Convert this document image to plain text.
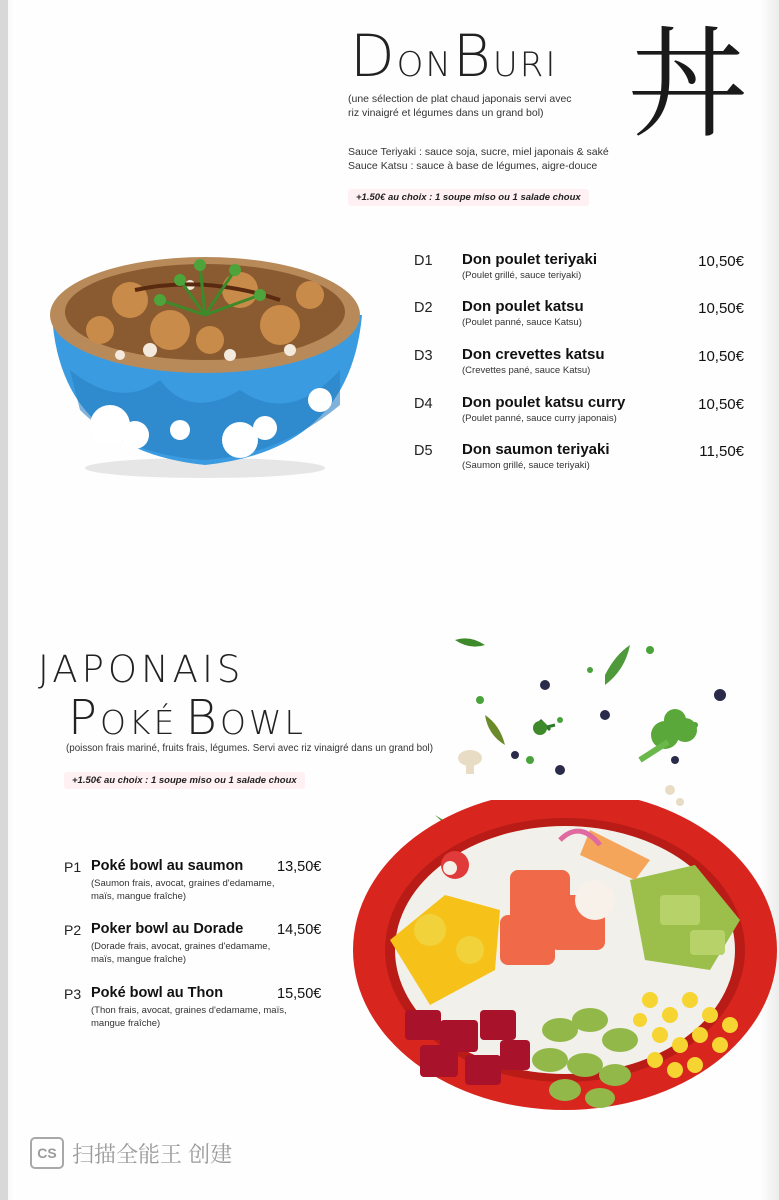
DONBURI 丼
(une sélection de plat chaud japonais servi avec
riz vinaigré et légumes dans un grand bol)
Sauce Teriyaki : sauce soja, sucre, miel japonais & saké
Sauce Katsu : sauce à base de légumes, aigre-douce
+1.50€ au choix : 1 soupe miso ou 1 salade choux
D1 Don poulet teriyaki
(Poulet grillé, sauce teriyaki)
10,50€
D2 Don poulet katsu
(Poulet panné, sauce Katsu)
10,50€
D3 Don crevettes katsu
(Crevettes pané, sauce Katsu)
10,50€
D4 Don poulet katsu curry
(Poulet panné, sauce curry japonais)
10,50€
D5 Don saumon teriyaki
(Saumon grillé, sauce teriyaki)
11,50€
JAPONAIS
POKÉ BOWL
(poisson frais mariné, fruits frais, légumes. Servi avec riz vinaigré dans un grand bol)
+1.50€ au choix : 1 soupe miso ou 1 salade choux
P1 Poké bowl au saumon 13,50€
(Saumon frais, avocat, graines d'edamame,
maïs, mangue fraîche)
P2 Poker bowl au Dorade 14,50€
(Dorade frais, avocat, graines d'edamame,
maïs, mangue fraîche)
P3 Poké bowl au Thon	15,50€
(Thon frais, avocat, graines d'edamame, maïs,
mangue fraîche)
CS 扫描全能王 创建
